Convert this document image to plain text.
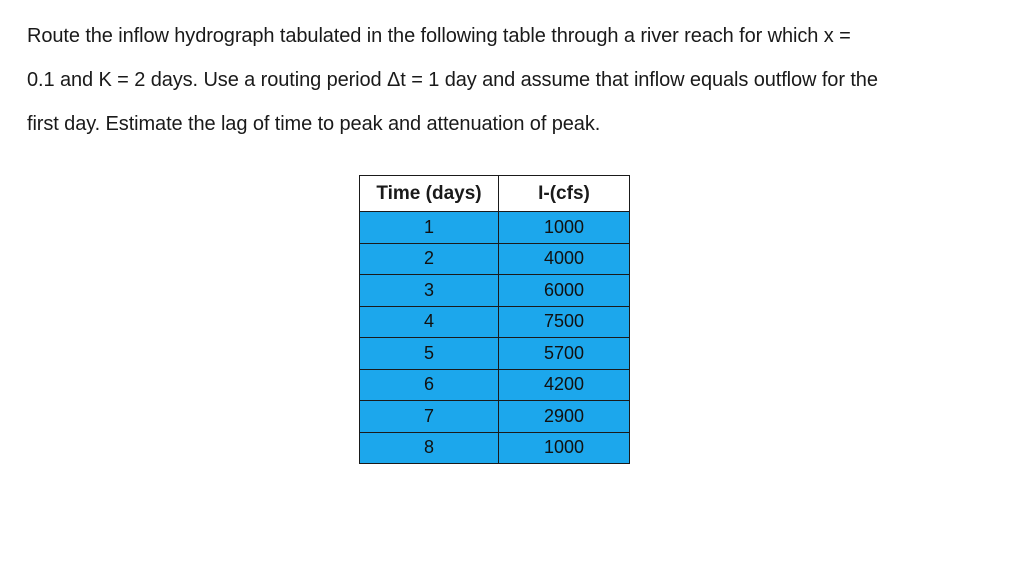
Route the inflow hydrograph tabulated in the following table through a river reach for which x =
0.1 and K = 2 days. Use a routing period Δt = 1 day and assume that inflow equals outflow for the
first day. Estimate the lag of time to peak and attenuation of peak.
Time (days)	I-(cfs)
1	1000
2	4000
3	6000
4	7500
5	5700
6	4200
7	2900
8	1000
